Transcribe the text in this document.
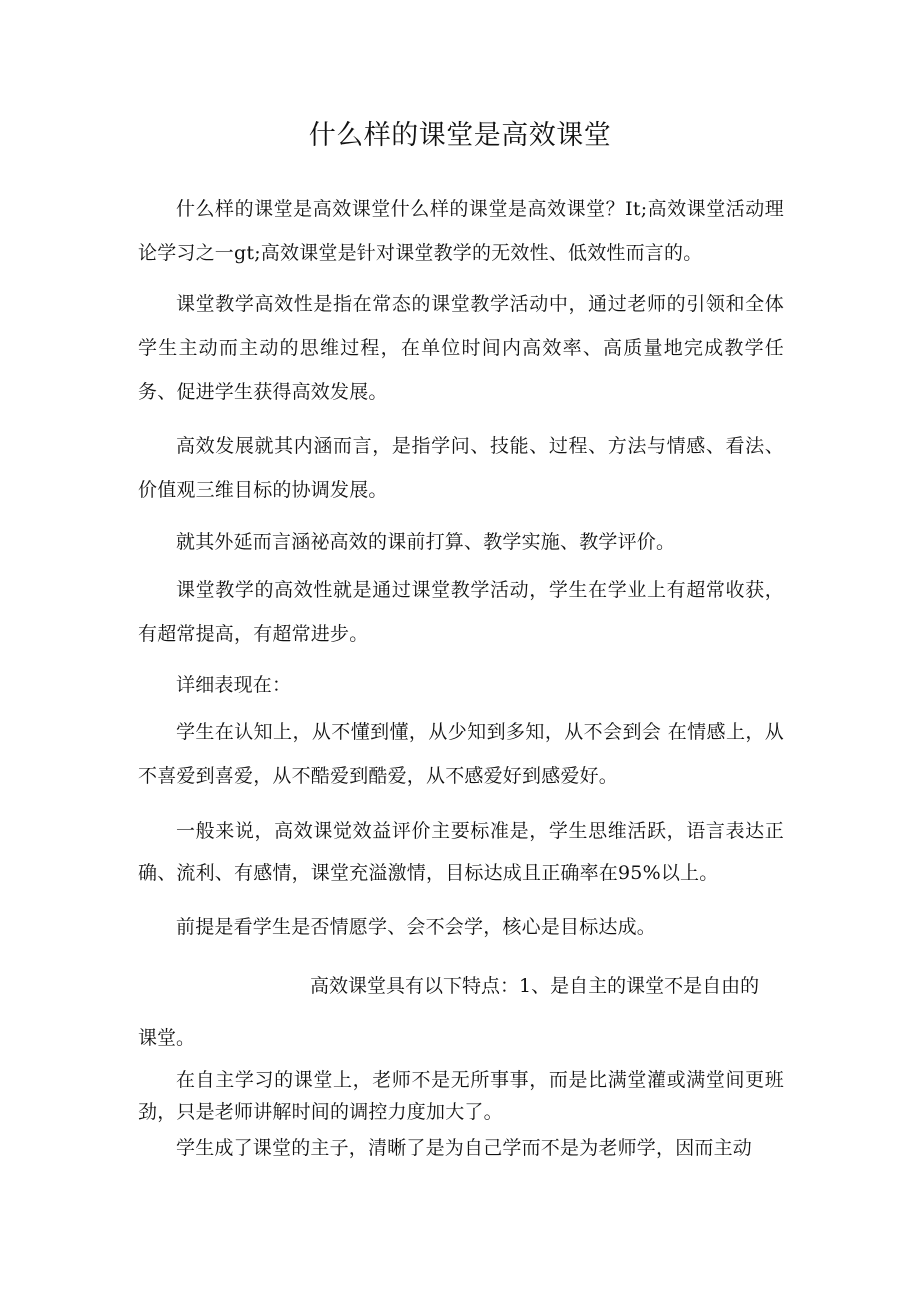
什么样的课堂是高效课堂

什么样的课堂是高效课堂什么样的课堂是高效课堂？It;高效课堂活动理论学习之一gt;高效课堂是针对课堂教学的无效性、低效性而言的。

课堂教学高效性是指在常态的课堂教学活动中，通过老师的引领和全体学生主动而主动的思维过程，在单位时间内高效率、高质量地完成教学任务、促进学生获得高效发展。

高效发展就其内涵而言，是指学问、技能、过程、方法与情感、看法、价值观三维目标的协调发展。

就其外延而言涵祕高效的课前打算、教学实施、教学评价。

课堂教学的高效性就是通过课堂教学活动，学生在学业上有超常收获，有超常提高，有超常进步。

详细表现在：

学生在认知上，从不懂到懂，从少知到多知，从不会到会 在情感上，从不喜爱到喜爱，从不酷爱到酷爱，从不感爱好到感爱好。

一般来说，高效课觉效益评价主要标准是，学生思维活跃，语言表达正确、流利、有感情，课堂充溢激情，目标达成且正确率在95%以上。

前提是看学生是否情愿学、会不会学，核心是目标达成。

高效课堂具有以下特点：1、是自主的课堂不是自由的
课堂。

在自主学习的课堂上，老师不是无所事事，而是比满堂灌或满堂间更班劲，只是老师讲解时间的调控力度加大了。

学生成了课堂的主子，清晰了是为自己学而不是为老师学，因而主动
